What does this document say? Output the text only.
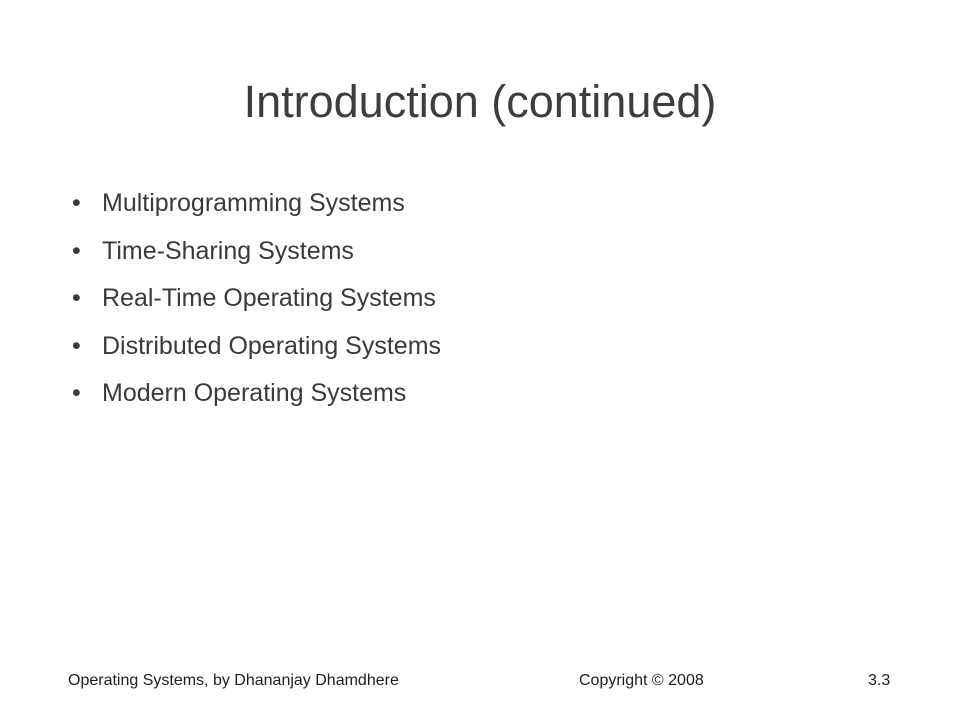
Introduction (continued)
• Multiprogramming Systems
• Time-Sharing Systems
• Real-Time Operating Systems
• Distributed Operating Systems
• Modern Operating Systems
Operating Systems, by Dhananjay Dhamdhere	Copyright © 2008	3.3
